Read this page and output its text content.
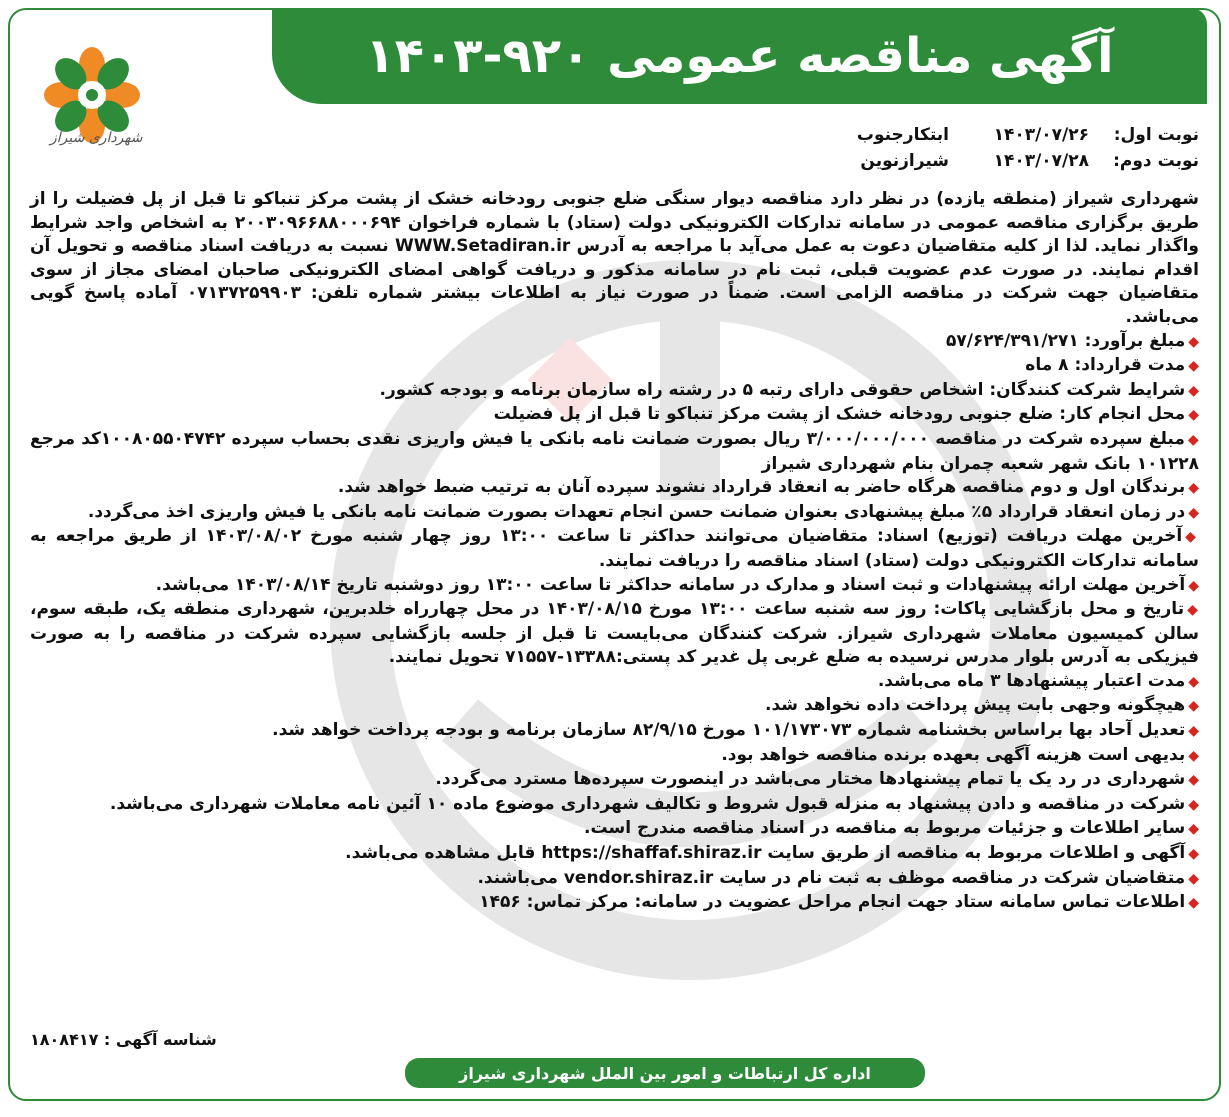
آگهی مناقصه عمومی ۹۲۰-۱۴۰۳
شهرداری شیراز	نوبت اول:۱۴۰۳/۰۷/۲۶ابتکارجنوب
نوبت دوم:۱۴۰۳/۰۷/۲۸شیرازنوین

شهرداری شیراز (منطقه یازده) در نظر دارد مناقصه دیوار سنگی ضلع جنوبی رودخانه خشک از پشت مرکز تنباکو تا قبل از پل فضیلت را از طریق برگزاری مناقصه عمومی در سامانه تدارکات الکترونیکی دولت (ستاد) با شماره فراخوان ۲۰۰۳۰۹۶۶۸۸۰۰۰۶۹۴ به اشخاص واجد شرایط واگذار نماید. لذا از کلیه متقاضیان دعوت به عمل می‌آید با مراجعه به آدرس WWW.Setadiran.ir نسبت به دریافت اسناد مناقصه و تحویل آن اقدام نمایند. در صورت عدم عضویت قبلی، ثبت نام در سامانه مذکور و دریافت گواهی امضای الکترونیکی صاحبان امضای مجاز از سوی متقاضیان جهت شرکت در مناقصه الزامی است. ضمناً در صورت نیاز به اطلاعات بیشتر شماره تلفن: ۰۷۱۳۷۲۵۹۹۰۳ آماده پاسخ گویی می‌باشد.

◆مبلغ برآورد: ۵۷/۶۲۴/۳۹۱/۲۷۱
◆مدت قرارداد: ۸ ماه
◆شرایط شرکت کنندگان: اشخاص حقوقی دارای رتبه ۵ در رشته راه سازمان برنامه و بودجه کشور.
◆محل انجام کار: ضلع جنوبی رودخانه خشک از پشت مرکز تنباکو تا قبل از پل فضیلت
◆مبلغ سپرده شرکت در مناقصه ۳/۰۰۰/۰۰۰/۰۰۰ ریال بصورت ضمانت نامه بانکی یا فیش واریزی نقدی بحساب سپرده ۱۰۰۸۰۵۵۰۴۷۴۲کد مرجع ۱۰۱۲۲۸ بانک شهر شعبه چمران بنام شهرداری شیراز
◆برندگان اول و دوم مناقصه هرگاه حاضر به انعقاد قرارداد نشوند سپرده آنان به ترتیب ضبط خواهد شد.
◆در زمان انعقاد قرارداد ۵٪ مبلغ پیشنهادی بعنوان ضمانت حسن انجام تعهدات بصورت ضمانت نامه بانکی یا فیش واریزی اخذ می‌گردد.
◆آخرین مهلت دریافت (توزیع) اسناد: متقاضیان می‌توانند حداکثر تا ساعت ۱۳:۰۰ روز چهار شنبه مورخ ۱۴۰۳/۰۸/۰۲ از طریق مراجعه به سامانه تدارکات الکترونیکی دولت (ستاد) اسناد مناقصه را دریافت نمایند.
◆آخرین مهلت ارائه پیشنهادات و ثبت اسناد و مدارک در سامانه حداکثر تا ساعت ۱۳:۰۰ روز دوشنبه تاریخ ۱۴۰۳/۰۸/۱۴ می‌باشد.
◆تاریخ و محل بازگشایی پاکات: روز سه شنبه ساعت ۱۳:۰۰ مورخ ۱۴۰۳/۰۸/۱۵ در محل چهارراه خلدبرین، شهرداری منطقه یک، طبقه سوم، سالن کمیسیون معاملات شهرداری شیراز. شرکت کنندگان می‌بایست تا قبل از جلسه بازگشایی سپرده شرکت در مناقصه را به صورت فیزیکی به آدرس بلوار مدرس نرسیده به ضلع غربی پل غدیر کد پستی:۱۳۳۸۸-۷۱۵۵۷ تحویل نمایند.
◆مدت اعتبار پیشنهادها ۳ ماه می‌باشد.
◆هیچگونه وجهی بابت پیش پرداخت داده نخواهد شد.
◆تعدیل آحاد بها براساس بخشنامه شماره ۱۰۱/۱۷۳۰۷۳ مورخ ۸۲/۹/۱۵ سازمان برنامه و بودجه پرداخت خواهد شد.
◆بدیهی است هزینه آگهی بعهده برنده مناقصه خواهد بود.
◆شهرداری در رد یک یا تمام پیشنهادها مختار می‌باشد در اینصورت سپرده‌ها مسترد می‌گردد.
◆شرکت در مناقصه و دادن پیشنهاد به منزله قبول شروط و تکالیف شهرداری موضوع ماده ۱۰ آئین نامه معاملات شهرداری می‌باشد.
◆سایر اطلاعات و جزئیات مربوط به مناقصه در اسناد مناقصه مندرج است.
◆آگهی و اطلاعات مربوط به مناقصه از طریق سایت https://shaffaf.shiraz.ir قابل مشاهده می‌باشد.
◆متقاضیان شرکت در مناقصه موظف به ثبت نام در سایت vendor.shiraz.ir می‌باشند.
◆اطلاعات تماس سامانه ستاد جهت انجام مراحل عضویت در سامانه: مرکز تماس: ۱۴۵۶
شناسه آگهی : ۱۸۰۸۴۱۷
اداره کل ارتباطات و امور بین الملل شهرداری شیراز
